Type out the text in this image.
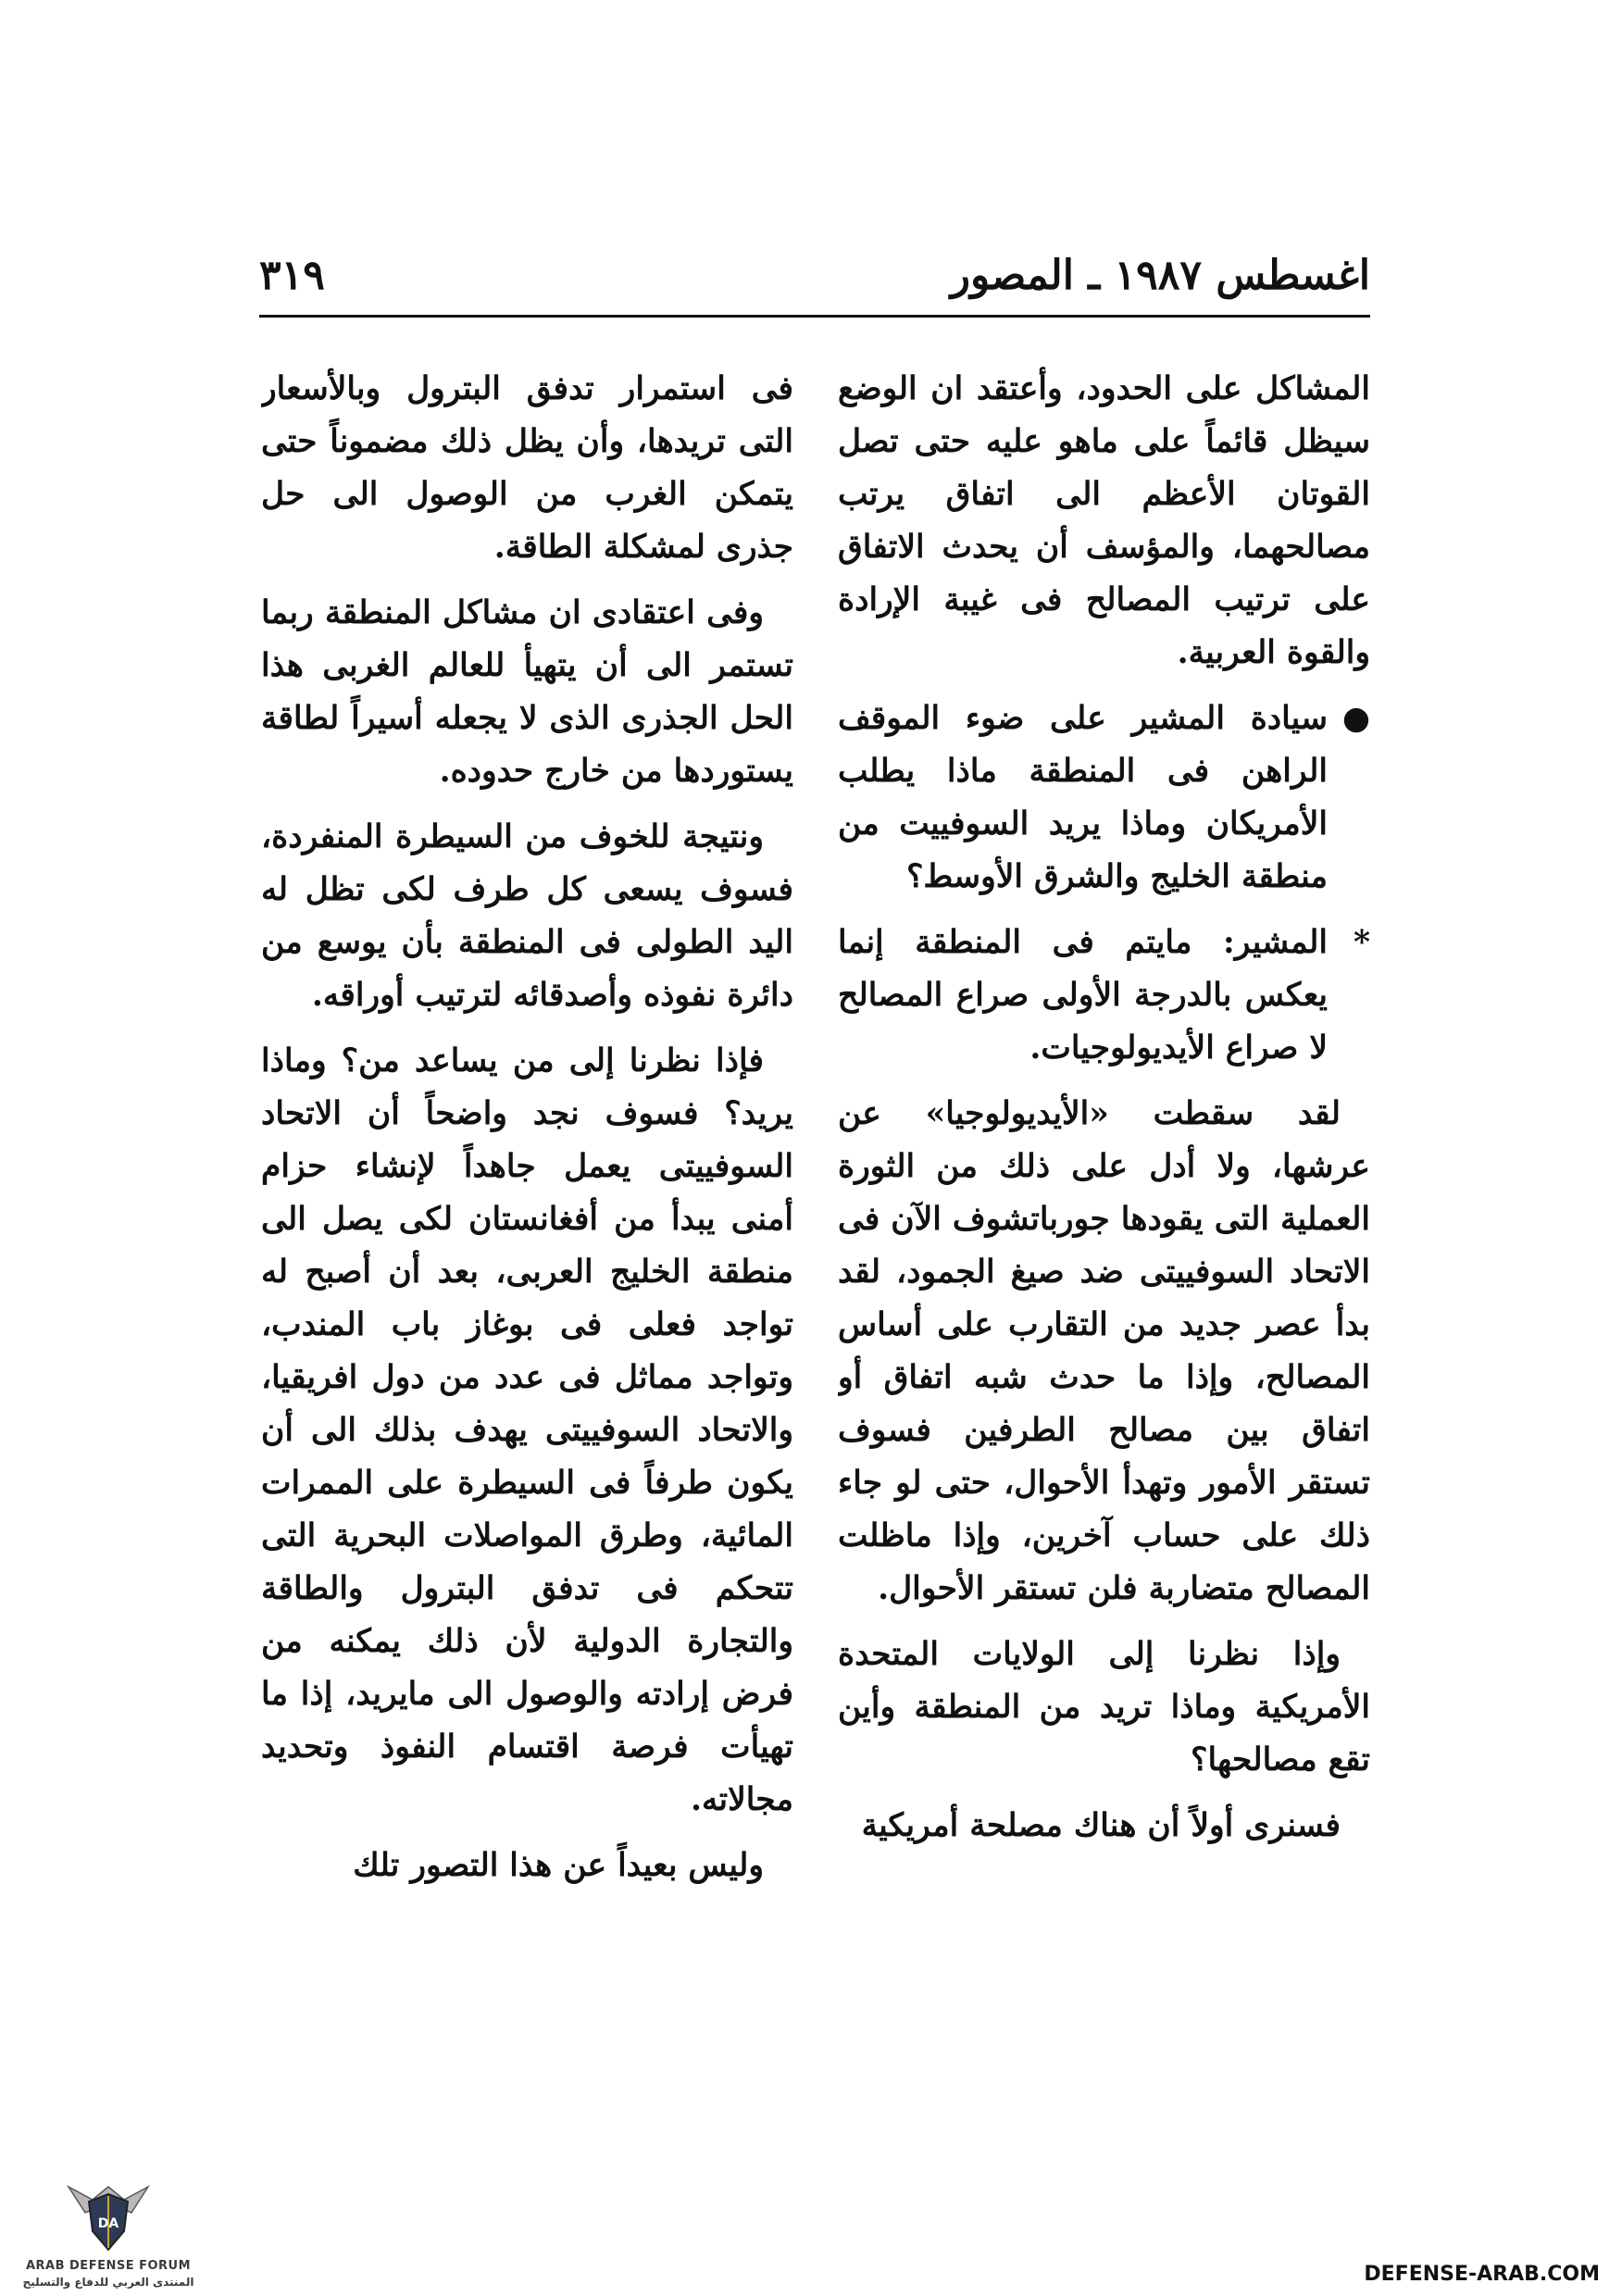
اغسطس ١٩٨٧ ـ المصور
٣١٩

المشاكل على الحدود، وأعتقد ان الوضع سيظل قائماً على ماهو عليه حتى تصل القوتان الأعظم الى اتفاق يرتب مصالحهما، والمؤسف أن يحدث الاتفاق على ترتيب المصالح فى غيبة الإرادة والقوة العربية.

●سيادة المشير على ضوء الموقف الراهن فى المنطقة ماذا يطلب الأمريكان وماذا يريد السوفييت من منطقة الخليج والشرق الأوسط؟

*المشير: مايتم فى المنطقة إنما يعكس بالدرجة الأولى صراع المصالح لا صراع الأيديولوجيات.

لقد سقطت «الأيديولوجيا» عن عرشها، ولا أدل على ذلك من الثورة العملية التى يقودها جورباتشوف الآن فى الاتحاد السوفييتى ضد صيغ الجمود، لقد بدأ عصر جديد من التقارب على أساس المصالح، وإذا ما حدث شبه اتفاق أو اتفاق بين مصالح الطرفين فسوف تستقر الأمور وتهدأ الأحوال، حتى لو جاء ذلك على حساب آخرين، وإذا ماظلت المصالح متضاربة فلن تستقر الأحوال.

وإذا نظرنا إلى الولايات المتحدة الأمريكية وماذا تريد من المنطقة وأين تقع مصالحها؟

فسنرى أولاً أن هناك مصلحة أمريكية

فى استمرار تدفق البترول وبالأسعار التى تريدها، وأن يظل ذلك مضموناً حتى يتمكن الغرب من الوصول الى حل جذرى لمشكلة الطاقة.

وفى اعتقادى ان مشاكل المنطقة ربما تستمر الى أن يتهيأ للعالم الغربى هذا الحل الجذرى الذى لا يجعله أسيراً لطاقة يستوردها من خارج حدوده.

ونتيجة للخوف من السيطرة المنفردة، فسوف يسعى كل طرف لكى تظل له اليد الطولى فى المنطقة بأن يوسع من دائرة نفوذه وأصدقائه لترتيب أوراقه.

فإذا نظرنا إلى من يساعد من؟ وماذا يريد؟ فسوف نجد واضحاً أن الاتحاد السوفييتى يعمل جاهداً لإنشاء حزام أمنى يبدأ من أفغانستان لكى يصل الى منطقة الخليج العربى، بعد أن أصبح له تواجد فعلى فى بوغاز باب المندب، وتواجد مماثل فى عدد من دول افريقيا، والاتحاد السوفييتى يهدف بذلك الى أن يكون طرفاً فى السيطرة على الممرات المائية، وطرق المواصلات البحرية التى تتحكم فى تدفق البترول والطاقة والتجارة الدولية لأن ذلك يمكنه من فرض إرادته والوصول الى مايريد، إذا ما تهيأت فرصة اقتسام النفوذ وتحديد مجالاته.

وليس بعيداً عن هذا التصور تلك

DA
ARAB DEFENSE FORUM
المنتدى العربي للدفاع والتسليح	DEFENSE-ARAB.COM
